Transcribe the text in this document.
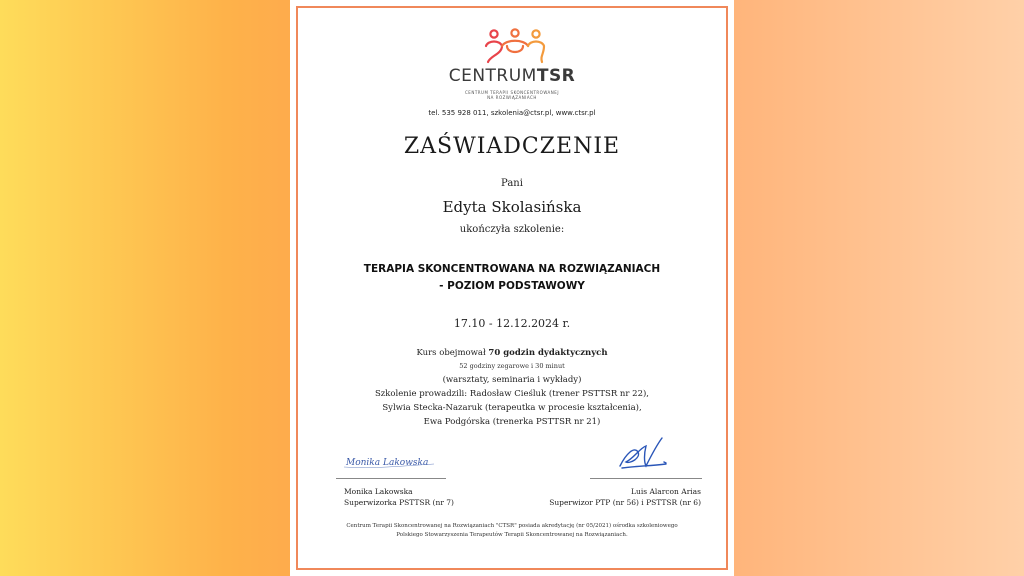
CENTRUMTSR
CENTRUM TERAPII SKONCENTROWANEJ
NA ROZWIĄZANIACH
tel. 535 928 011, szkolenia@ctsr.pl, www.ctsr.pl
ZAŚWIADCZENIE
Pani
Edyta Skolasińska
ukończyła szkolenie:
TERAPIA SKONCENTROWANA NA ROZWIĄZANIACH
- POZIOM PODSTAWOWY
17.10 - 12.12.2024 r.
Kurs obejmował 70 godzin dydaktycznych
52 godziny zegarowe i 30 minut
(warsztaty, seminaria i wykłady)
Szkolenie prowadzili: Radosław Cieśluk (trener PSTTSR nr 22),
Sylwia Stecka-Nazaruk (terapeutka w procesie kształcenia),
Ewa Podgórska (trenerka PSTTSR nr 21)
Monika Lakowska
Monika Lakowska
Superwizorka PSTTSR (nr 7)
Luis Alarcon Arias
Superwizor PTP (nr 56) i PSTTSR (nr 6)
Centrum Terapii Skoncentrowanej na Rozwiązaniach "CTSR" posiada akredytację (nr 05/2021) ośrodka szkoleniowego
Polskiego Stowarzyszenia Terapeutów Terapii Skoncentrowanej na Rozwiązaniach.
